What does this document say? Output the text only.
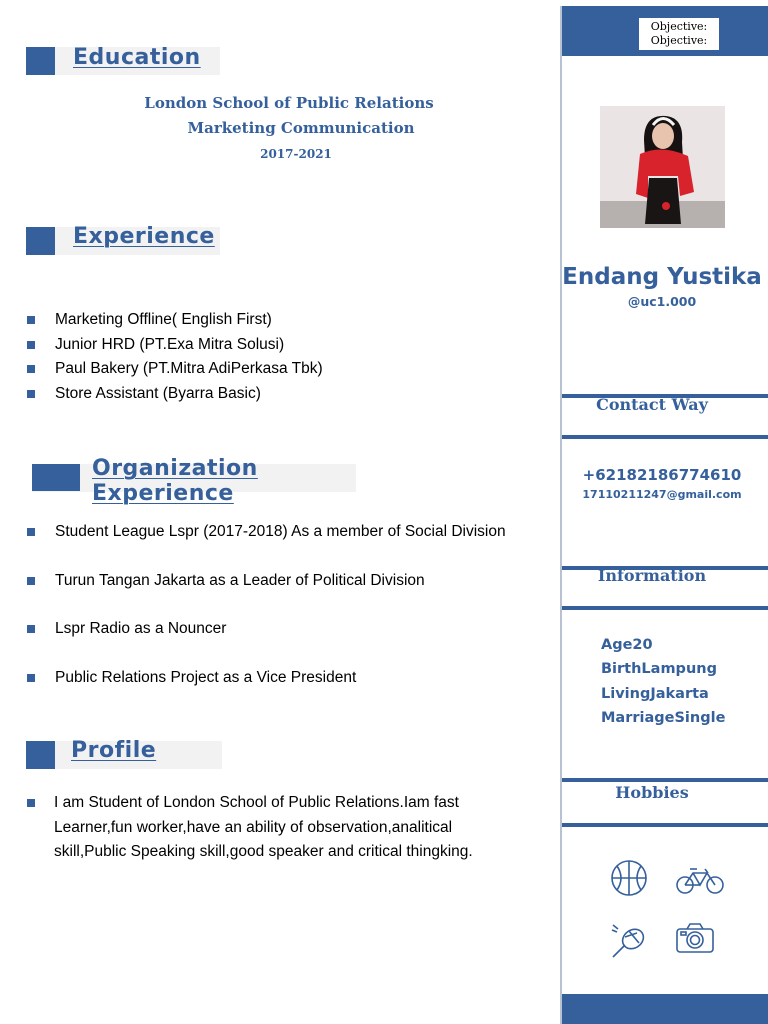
Education
London School of Public Relations
Marketing Communication
2017-2021
Experience
Marketing Offline( English First)
Junior HRD (PT.Exa Mitra Solusi)
Paul Bakery (PT.Mitra AdiPerkasa Tbk)
Store Assistant (Byarra Basic)
Organization
Experience
Student League Lspr (2017-2018) As a member of Social Division
Turun Tangan Jakarta as a Leader of Political Division
Lspr Radio as a Nouncer
Public Relations Project as a Vice President
Profile
I am Student of London School of Public Relations.Iam fast
Learner,fun worker,have an ability of observation,analitical
skill,Public Speaking skill,good speaker and critical thingking.
Objective:
Objective:
Endang Yustika
@uc1.000
Contact Way
+62182186774610
17110211247@gmail.com
Information
Age20
BirthLampung
LivingJakarta
MarriageSingle
Hobbies
